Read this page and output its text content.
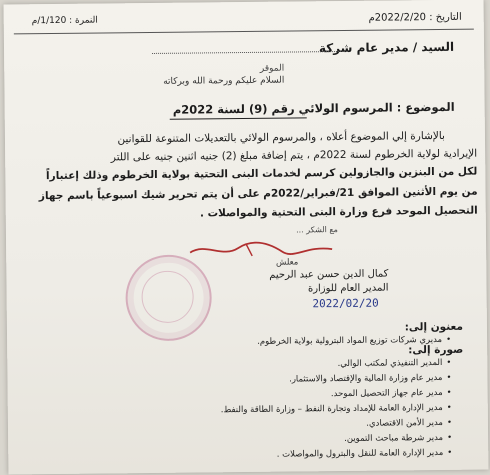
التاريخ : 2022/2/20م
النمرة : 1/120/م
السيد / مدير عام شركة
الموقر
السلام عليكم ورحمة الله وبركاته
الموضوع : المرسوم الولائي رقم (9) لسنة 2022م
بالإشارة إلي الموضوع أعلاه ، والمرسوم الولائي بالتعديلات المتنوعة للقوانين
الإيرادية لولاية الخرطوم لسنة 2022م ، يتم إضافة مبلغ (2) جنيه اثنين جنيه على اللتر
لكل من البنزين والجازولين كرسم لخدمات البنى التحتية بولاية الخرطوم وذلك إعتباراً
من يوم الأثنين الموافق 21/فبراير/2022م على أن يتم تحرير شيك اسبوعياً باسم جهاز
التحصيل الموحد فرع وزارة البنى التحتية والمواصلات .
مع الشكر ...
معلش
كمال الدين حسن عبد الرحيم
المدير العام للوزارة
2022/02/20
معنون إلى:
• مديري شركات توزيع المواد البترولية بولاية الخرطوم.
صورة إلى:
• المدير التنفيذي لمكتب الوالي.
• مدير عام وزارة المالية والإقتصاد والاستثمار.
• مدير عام جهاز التحصيل الموحد.
• مدير الإدارة العامة للإمداد وتجارة النفط – وزارة الطاقة والنفط.
• مدير الأمن الاقتصادي.
• مدير شرطة مباحث التموين.
• مدير الإدارة العامة للنقل والبترول والمواصلات .
